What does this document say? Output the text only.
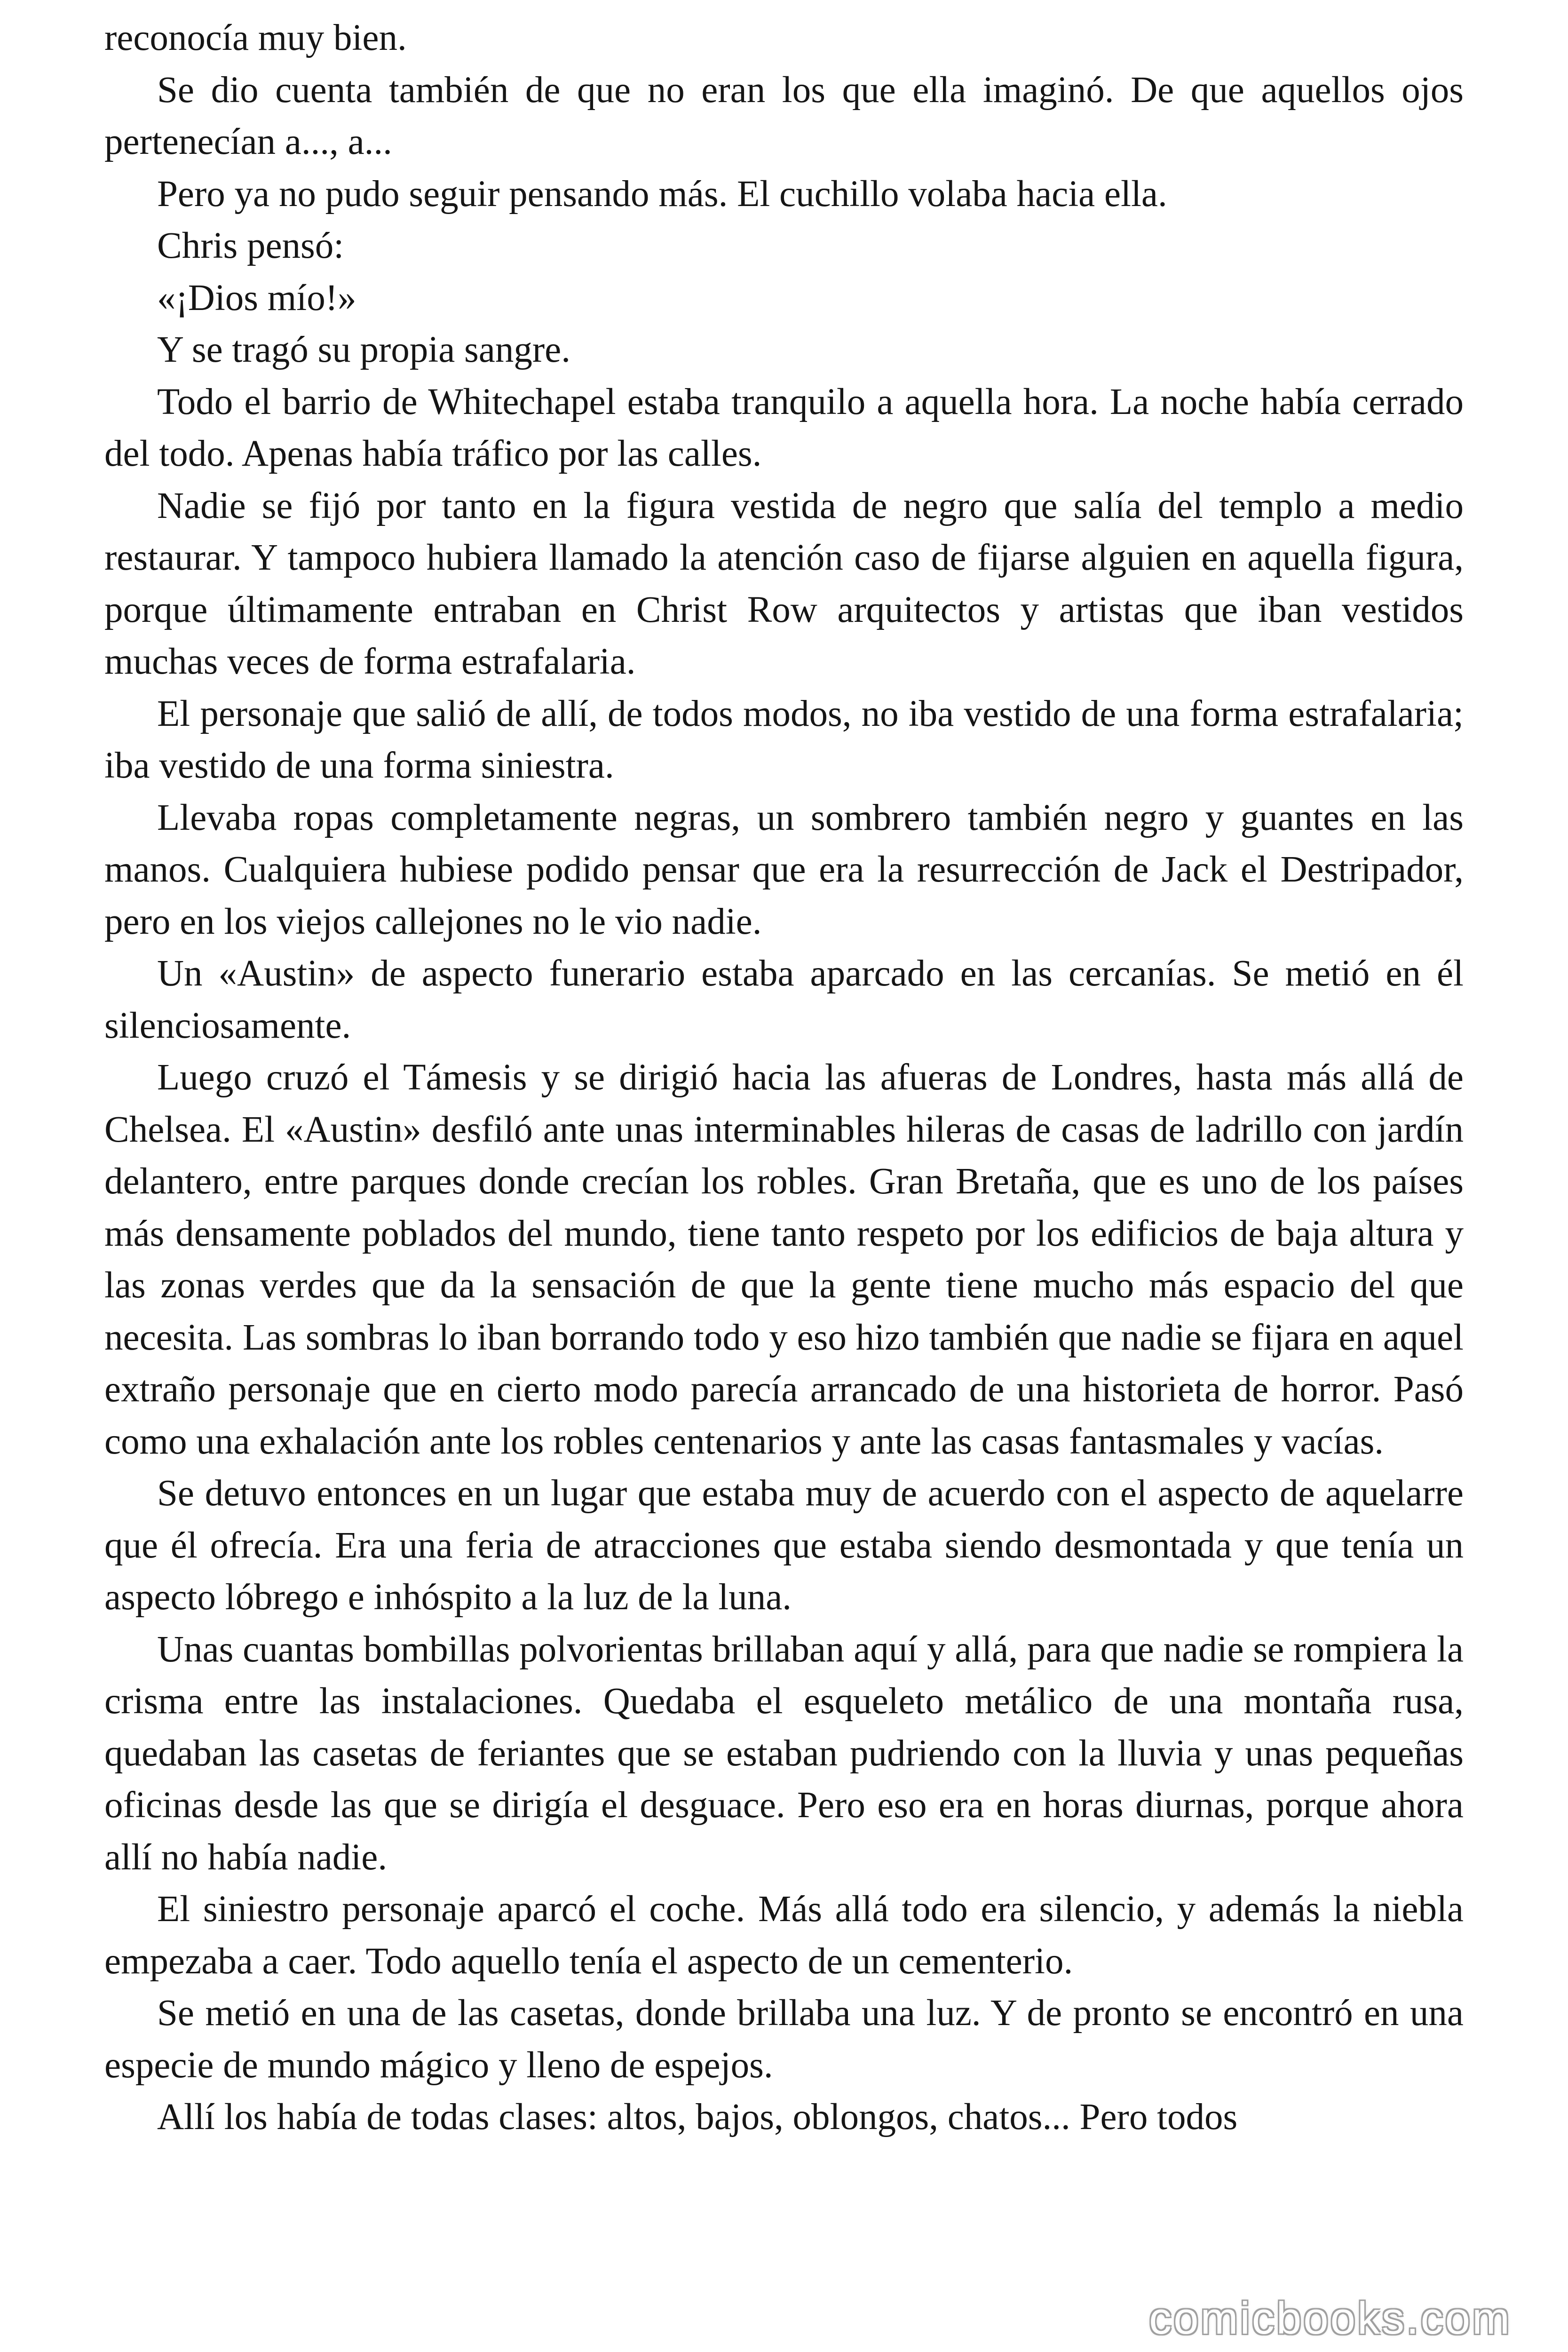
reconocía muy bien.

Se dio cuenta también de que no eran los que ella imaginó. De que aquellos ojos pertenecían a..., a...

Pero ya no pudo seguir pensando más. El cuchillo volaba hacia ella.

Chris pensó:

«¡Dios mío!»

Y se tragó su propia sangre.

Todo el barrio de Whitechapel estaba tranquilo a aquella hora. La noche había cerrado del todo. Apenas había tráfico por las calles.

Nadie se fijó por tanto en la figura vestida de negro que salía del templo a medio restaurar. Y tampoco hubiera llamado la atención caso de fijarse alguien en aquella figura, porque últimamente entraban en Christ Row arquitectos y artistas que iban vestidos muchas veces de forma estrafalaria.

El personaje que salió de allí, de todos modos, no iba vestido de una forma estrafalaria; iba vestido de una forma siniestra.

Llevaba ropas completamente negras, un sombrero también negro y guantes en las manos. Cualquiera hubiese podido pensar que era la resurrección de Jack el Destripador, pero en los viejos callejones no le vio nadie.

Un «Austin» de aspecto funerario estaba aparcado en las cercanías. Se metió en él silenciosamente.

Luego cruzó el Támesis y se dirigió hacia las afueras de Londres, hasta más allá de Chelsea. El «Austin» desfiló ante unas interminables hileras de casas de ladrillo con jardín delantero, entre parques donde crecían los robles. Gran Bretaña, que es uno de los países más densamente poblados del mundo, tiene tanto respeto por los edificios de baja altura y las zonas verdes que da la sensación de que la gente tiene mucho más espacio del que necesita. Las sombras lo iban borrando todo y eso hizo también que nadie se fijara en aquel extraño personaje que en cierto modo parecía arrancado de una historieta de horror. Pasó como una exhalación ante los robles centenarios y ante las casas fantasmales y vacías.

Se detuvo entonces en un lugar que estaba muy de acuerdo con el aspecto de aquelarre que él ofrecía. Era una feria de atracciones que estaba siendo desmontada y que tenía un aspecto lóbrego e inhóspito a la luz de la luna.

Unas cuantas bombillas polvorientas brillaban aquí y allá, para que nadie se rompiera la crisma entre las instalaciones. Quedaba el esqueleto metálico de una montaña rusa, quedaban las casetas de feriantes que se estaban pudriendo con la lluvia y unas pequeñas oficinas desde las que se dirigía el desguace. Pero eso era en horas diurnas, porque ahora allí no había nadie.

El siniestro personaje aparcó el coche. Más allá todo era silencio, y además la niebla empezaba a caer. Todo aquello tenía el aspecto de un cementerio.

Se metió en una de las casetas, donde brillaba una luz. Y de pronto se encontró en una especie de mundo mágico y lleno de espejos.

Allí los había de todas clases: altos, bajos, oblongos, chatos... Pero todos

comicbooks.com
